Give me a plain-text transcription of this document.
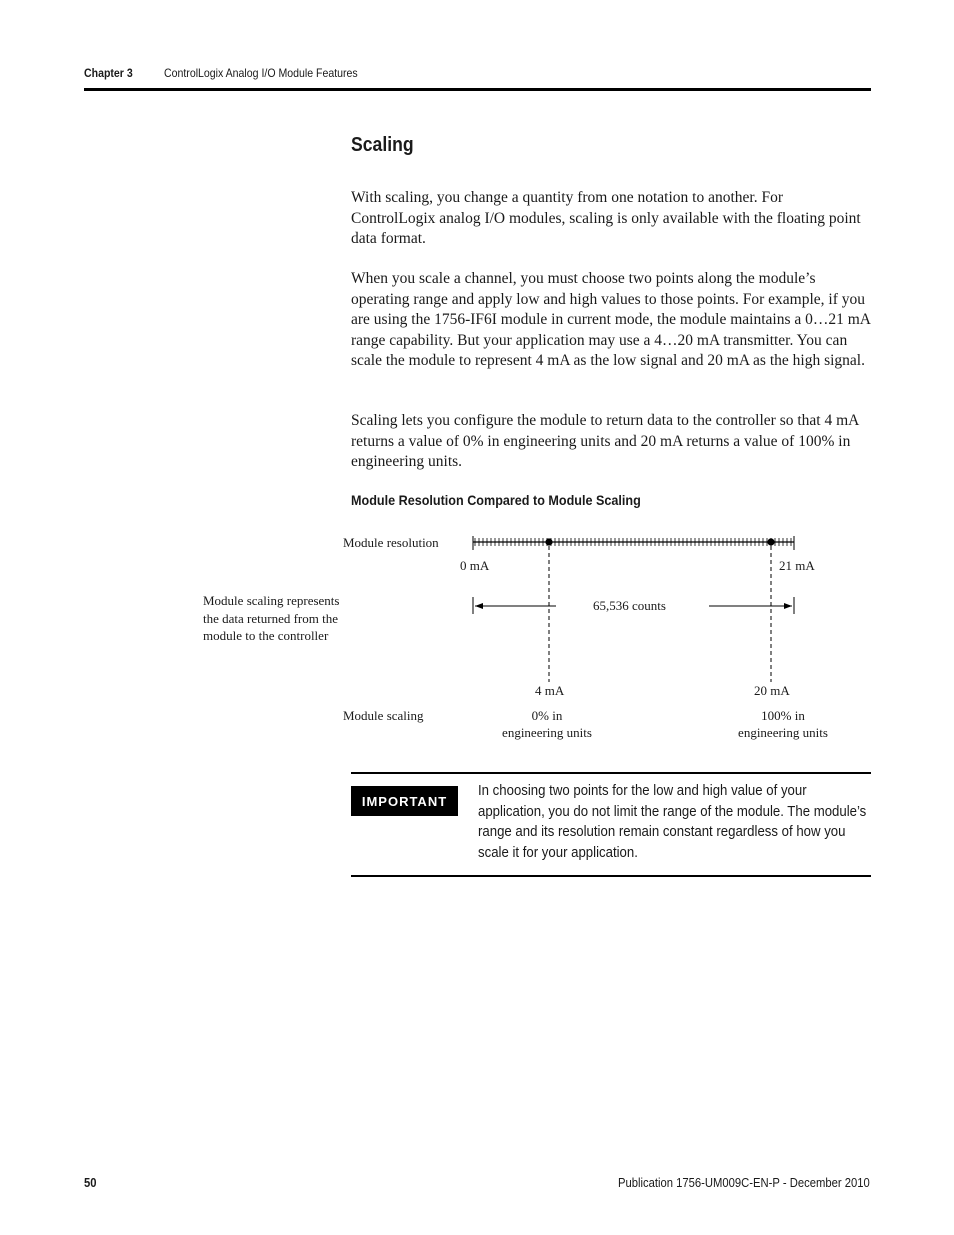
Chapter 3	ControlLogix Analog I/O Module Features
Scaling
With scaling, you change a quantity from one notation to another. For ControlLogix analog I/O modules, scaling is only available with the floating point data format.
When you scale a channel, you must choose two points along the module’s operating range and apply low and high values to those points. For example, if you are using the 1756-IF6I module in current mode, the module maintains a 0…21 mA range capability. But your application may use a 4…20 mA transmitter. You can scale the module to represent 4 mA as the low signal and 20 mA as the high signal.
Scaling lets you configure the module to return data to the controller so that 4 mA returns a value of 0% in engineering units and 20 mA returns a value of 100% in engineering units.
Module Resolution Compared to Module Scaling
Module resolution
0 mA	21 mA
Module scaling represents
the data returned from the
module to the controller
65,536 counts
4 mA	20 mA
Module scaling	0% in
engineering units
100% in
engineering units
IMPORTANT
In choosing two points for the low and high value of your application, you do not limit the range of the module. The module’s range and its resolution remain constant regardless of how you scale it for your application.
50	Publication 1756-UM009C-EN-P - December 2010
